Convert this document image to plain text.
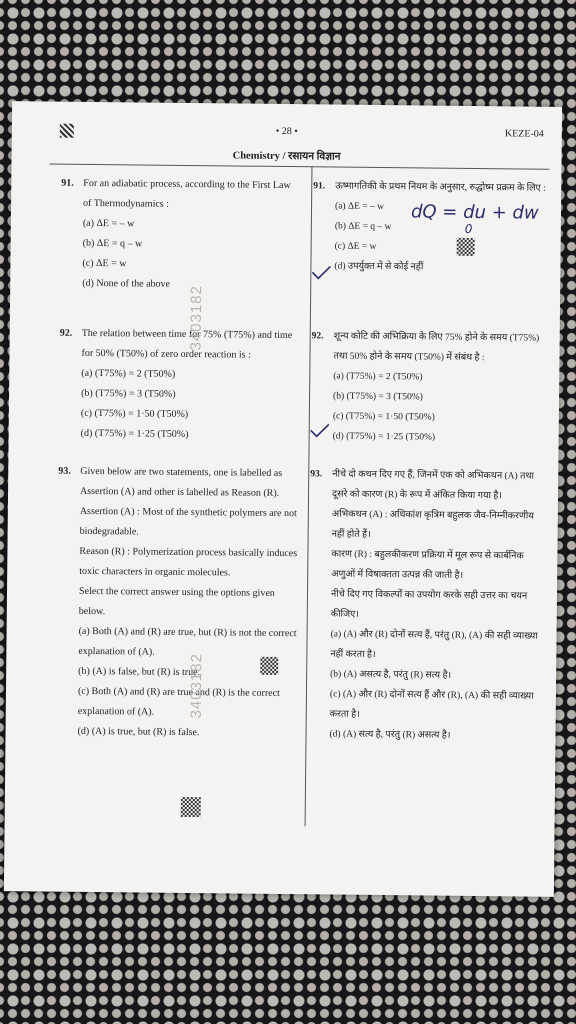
• 28 •	KEZE-04
Chemistry / रसायन विज्ञान
91. For an adiabatic process, according to the First Law of Thermodynamics :
(a) ΔE = – w
(b) ΔE = q – w
(c) ΔE = w
(d) None of the above
92. The relation between time for 75% (T75%) and time for 50% (T50%) of zero order reaction is :
(a) (T75%) = 2 (T50%)
(b) (T75%) = 3 (T50%)
(c) (T75%) = 1·50 (T50%)
(d) (T75%) = 1·25 (T50%)
93. Given below are two statements, one is labelled as Assertion (A) and other is labelled as Reason (R).
Assertion (A) : Most of the synthetic polymers are not biodegradable.
Reason (R) : Polymerization process basically induces toxic characters in organic molecules.
Select the correct answer using the options given below.
(a) Both (A) and (R) are true, but (R) is not the correct explanation of (A).
(b) (A) is false, but (R) is true.
(c) Both (A) and (R) are true and (R) is the correct explanation of (A).
(d) (A) is true, but (R) is false.
91. ऊष्मागतिकी के प्रथम नियम के अनुसार, रुद्धोष्म प्रक्रम के लिए :
(a) ΔE = – w
(b) ΔE = q – w
(c) ΔE = w
(d) उपर्युक्त में से कोई नहीं
92. शून्य कोटि की अभिक्रिया के लिए 75% होने के समय (T75%) तथा 50% होने के समय (T50%) में संबंध है :
(a) (T75%) = 2 (T50%)
(b) (T75%) = 3 (T50%)
(c) (T75%) = 1·50 (T50%)
(d) (T75%) = 1·25 (T50%)
93. नीचे दो कथन दिए गए हैं, जिनमें एक को अभिकथन (A) तथा दूसरे को कारण (R) के रूप में अंकित किया गया है।
अभिकथन (A) : अधिकांश कृत्रिम बहुलक जैव-निम्नीकरणीय नहीं होते हैं।
कारण (R) : बहुलकीकरण प्रक्रिया में मूल रूप से कार्बनिक अणुओं में विषाक्तता उत्पन्न की जाती है।
नीचे दिए गए विकल्पों का उपयोग करके सही उत्तर का चयन कीजिए।
(a) (A) और (R) दोनों सत्य हैं, परंतु (R), (A) की सही व्याख्या नहीं करता है।
(b) (A) असत्य है, परंतु (R) सत्य है।
(c) (A) और (R) दोनों सत्य हैं और (R), (A) की सही व्याख्या करता है।
(d) (A) सत्य है, परंतु (R) असत्य है।
dQ = du + dw
0
3403182
3403182
